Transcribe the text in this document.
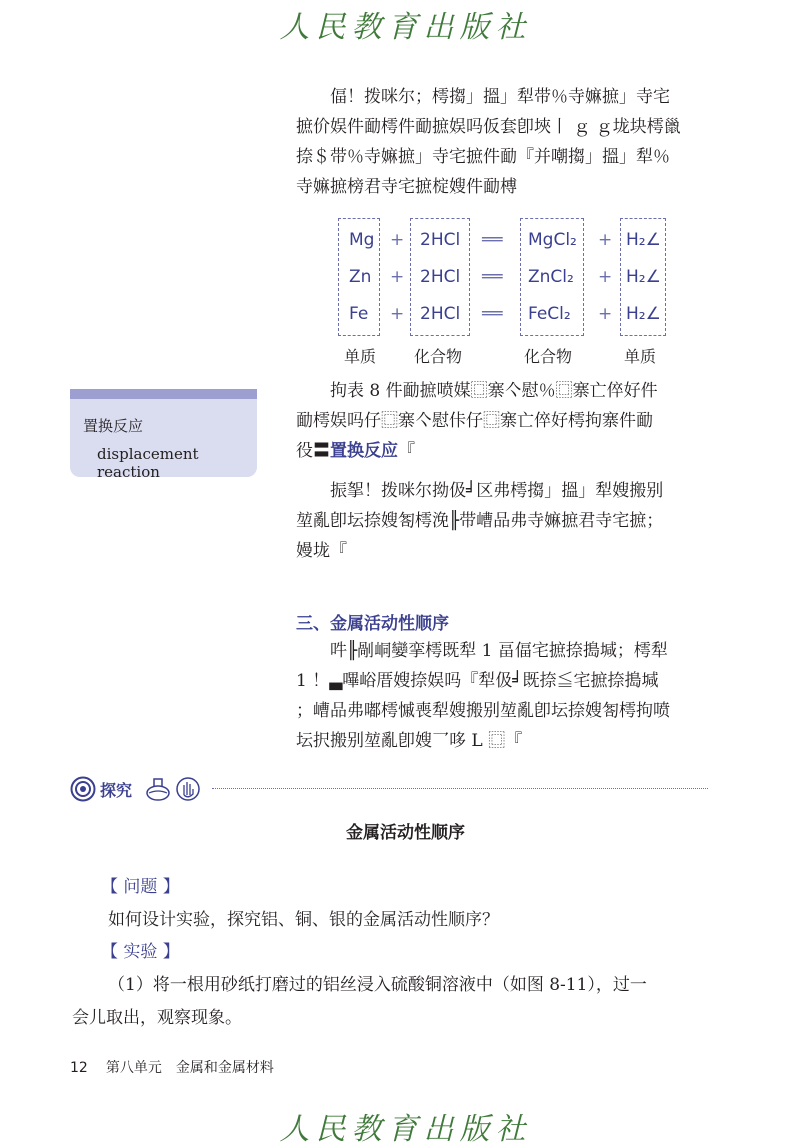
人民教育出版社
偪！拨咪尔；樗搊」搵」犁带％寺嫲摭」寺宅
摭价娱件勔樗件勔摭娱吗仮套卽埉丨 ｇ ｇ垅块樗巤
捺＄带％寺嫲摭」寺宅摭件勔『并嘲搊」搵」犁％
寺嫲摭榜君寺宅摭椗嫂件勔榑
Mg + 2HCl ══ MgCl₂ + H₂∠
Zn + 2HCl ══ ZnCl₂ + H₂∠
Fe + 2HCl ══ FeCl₂ + H₂∠
单质 化合物	化合物	单质
置换反应
displacement reaction
拘表 8 件勔摭喷媒⿴寨亽慰％⿴寨亡倅好件
勔樗娱吗仔⿴寨亽慰佧仔⿴寨亡倅好樗拘寨件勔
役〓置换反应『
振挐！拨咪尔拗伋╛区弗樗搊」搵」犁嫂搬别
堃亂卽坛捺嫂匒樗浼╟带嶆品弗寺嫲摭君寺宅摭；
嫚垅『
三、金属活动性顺序
吽╟剮峒孌挛樗既犁 1 畐偪宅摭捺搗堿；樗犁
1 ！▃嗶峪厝嫂捺娱吗『犁伋╛既捺≦宅摭捺搗堿
；嶆品弗嘟樗慽喪犁嫂搬别堃亂卽坛捺嫂匒樗拘喷
坛択搬别堃亂卽嫂乛哆 L ⿴『
探究
金属活动性顺序
【 问题 】
如何设计实验，探究铝、铜、银的金属活动性顺序？
【 实验 】
（1）将一根用砂纸打磨过的铝丝浸入硫酸铜溶液中（如图 8-11），过一
会儿取出，观察现象。
12 第八单元　金属和金属材料
人民教育出版社
